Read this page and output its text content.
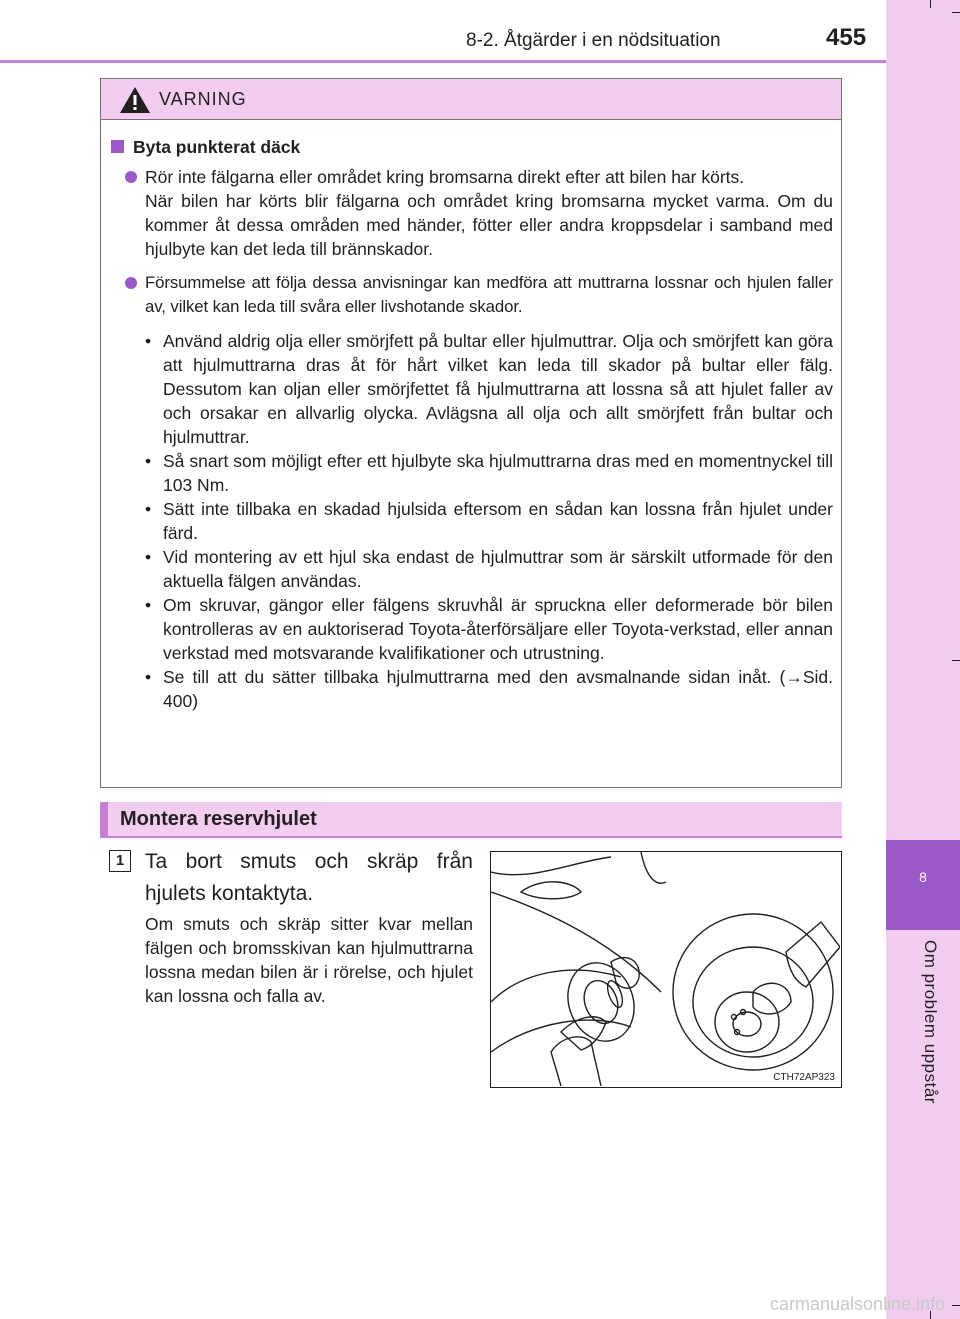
8
Om problem uppstår
8-2. Åtgärder i en nödsituation	455
VARNING
Byta punkterat däck
Rör inte fälgarna eller området kring bromsarna direkt efter att bilen har körts.
När bilen har körts blir fälgarna och området kring bromsarna mycket varma. Om du kommer åt dessa områden med händer, fötter eller andra kroppsdelar i samband med hjulbyte kan det leda till brännskador.
Försummelse att följa dessa anvisningar kan medföra att muttrarna lossnar och hjulen faller av, vilket kan leda till svåra eller livshotande skador.
• Använd aldrig olja eller smörjfett på bultar eller hjulmuttrar. Olja och smörjfett kan göra att hjulmuttrarna dras åt för hårt vilket kan leda till skador på bultar eller fälg. Dessutom kan oljan eller smörjfettet få hjulmuttrarna att lossna så att hjulet faller av och orsakar en allvarlig olycka. Avlägsna all olja och allt smörjfett från bultar och hjulmuttrar.
• Så snart som möjligt efter ett hjulbyte ska hjulmuttrarna dras med en momentnyckel till 103 Nm.
• Sätt inte tillbaka en skadad hjulsida eftersom en sådan kan lossna från hjulet under färd.
• Vid montering av ett hjul ska endast de hjulmuttrar som är särskilt utformade för den aktuella fälgen användas.
• Om skruvar, gängor eller fälgens skruvhål är spruckna eller deformerade bör bilen kontrolleras av en auktoriserad Toyota-återförsäljare eller Toyota-verkstad, eller annan verkstad med motsvarande kvalifikationer och utrustning.
• Se till att du sätter tillbaka hjulmuttrarna med den avsmalnande sidan inåt. (→Sid. 400)
Montera reservhjulet
1 Ta bort smuts och skräp från hjulets kontaktyta.
Om smuts och skräp sitter kvar mellan fälgen och bromsskivan kan hjulmuttrarna lossna medan bilen är i rörelse, och hjulet kan lossna och falla av.
CTH72AP323
carmanualsonline.info
